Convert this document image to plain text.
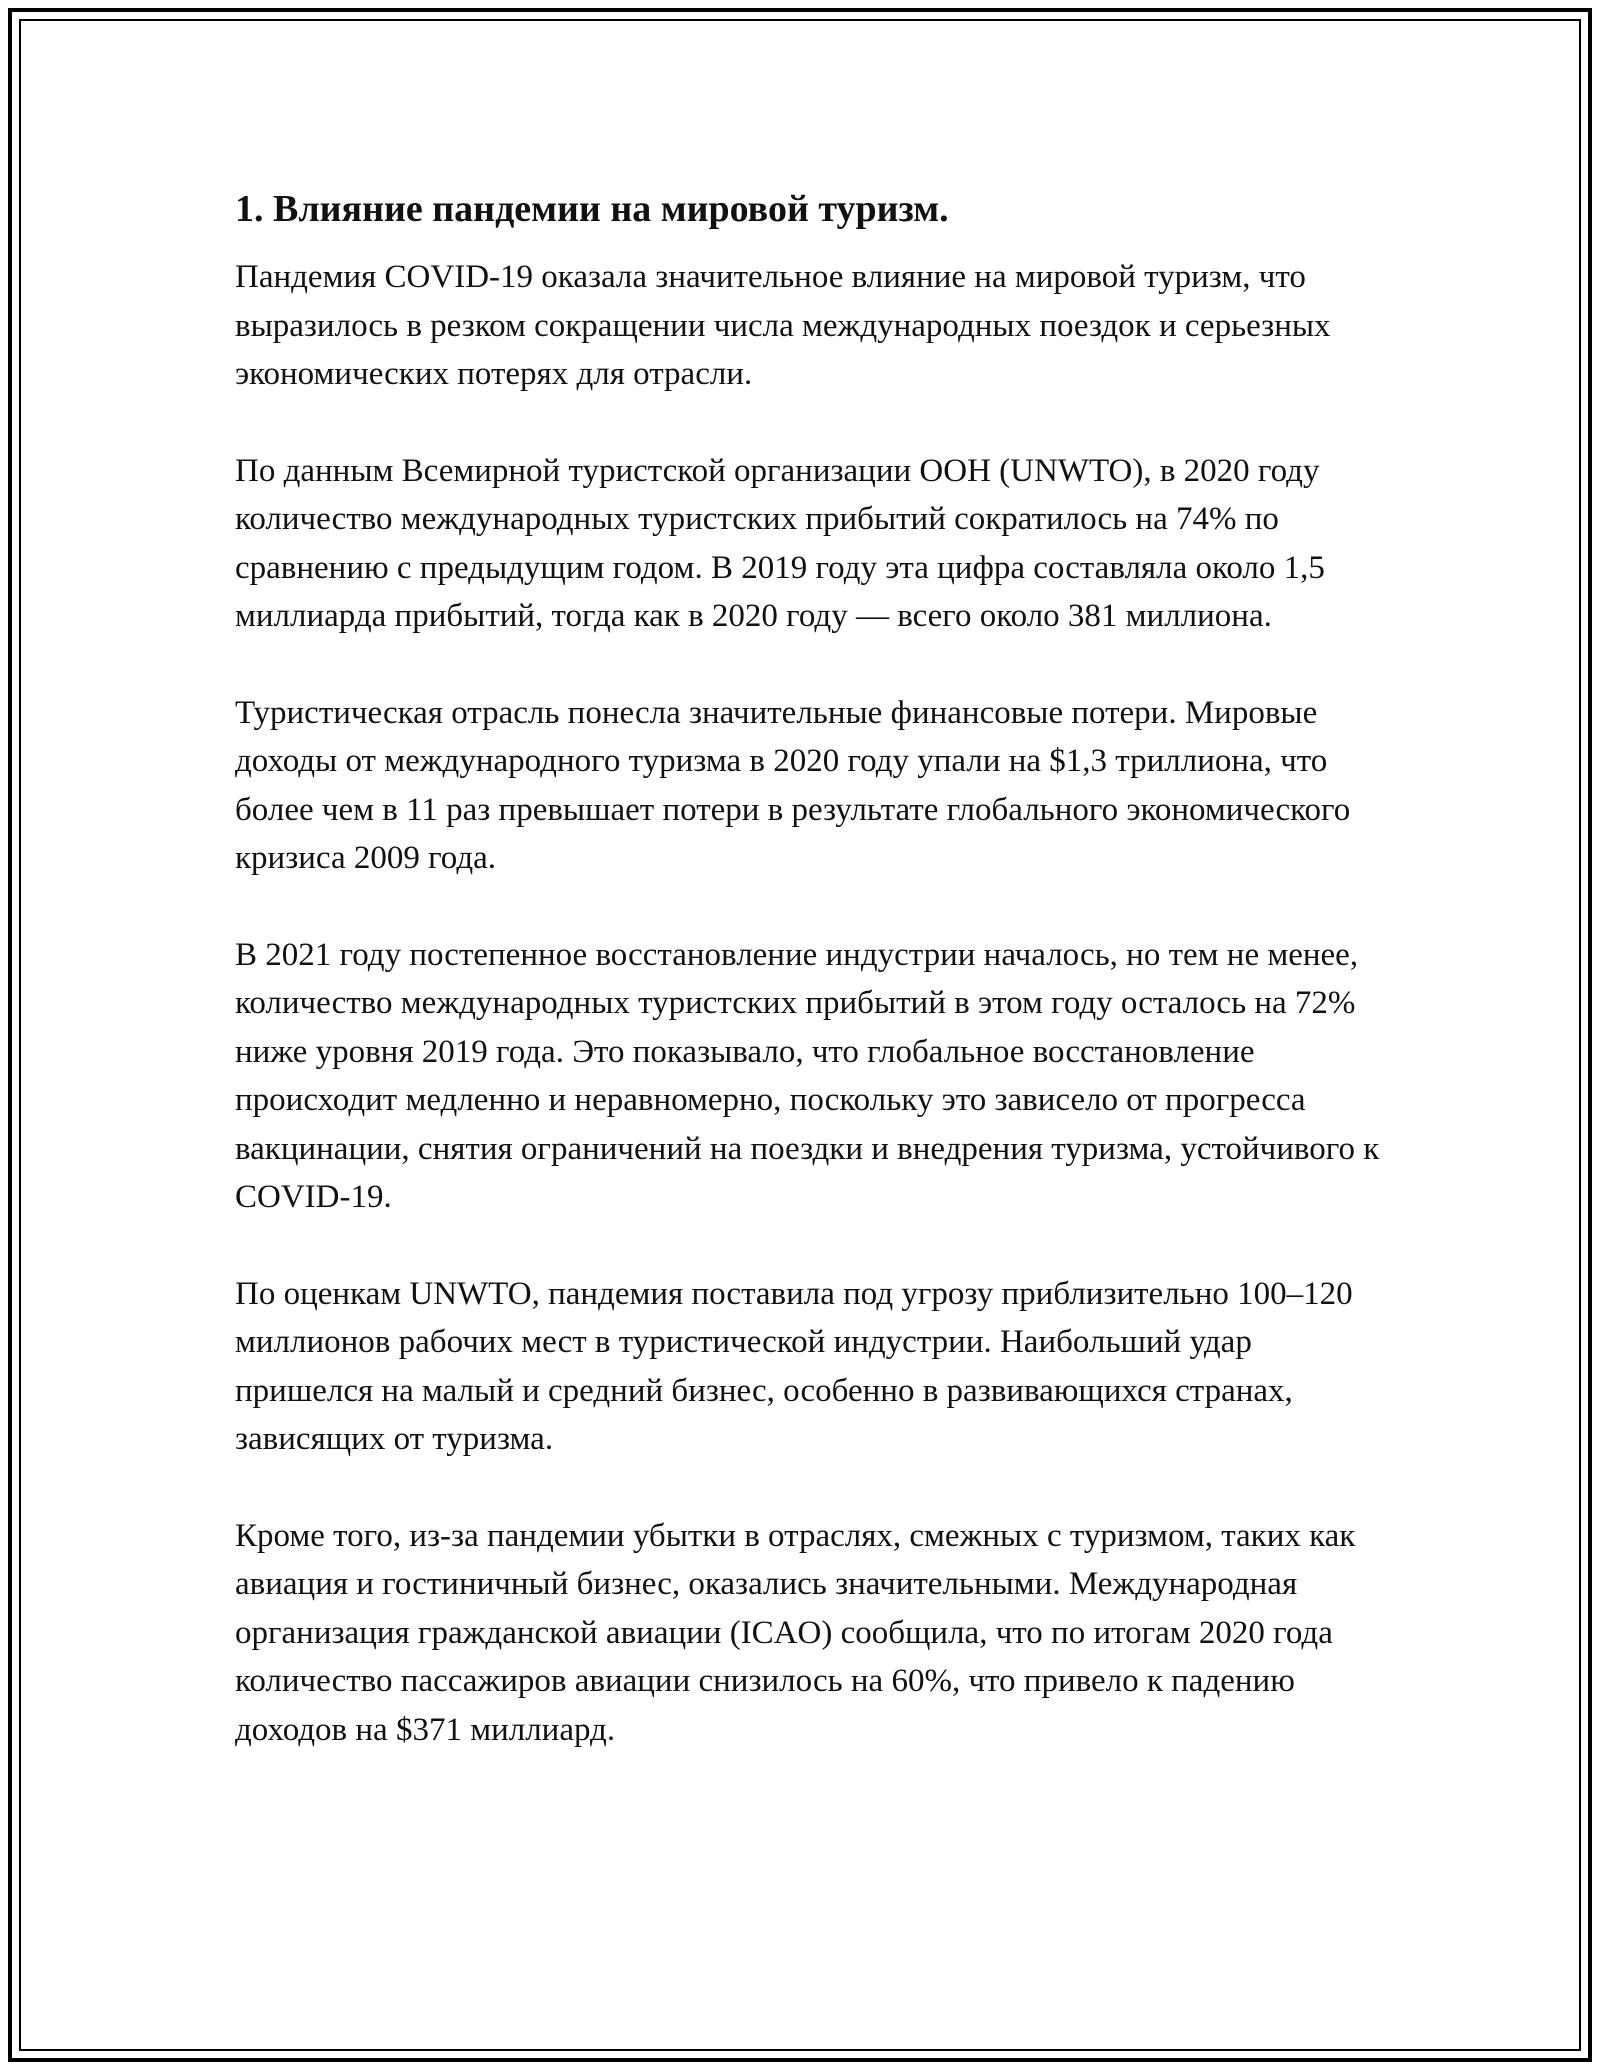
1. Влияние пандемии на мировой туризм.

Пандемия COVID-19 оказала значительное влияние на мировой туризм, что выразилось в резком сокращении числа международных поездок и серьезных экономических потерях для отрасли.

По данным Всемирной туристской организации ООН (UNWTO), в 2020 году количество международных туристских прибытий сократилось на 74% по сравнению с предыдущим годом. В 2019 году эта цифра составляла около 1,5 миллиарда прибытий, тогда как в 2020 году — всего около 381 миллиона.

Туристическая отрасль понесла значительные финансовые потери. Мировые доходы от международного туризма в 2020 году упали на $1,3 триллиона, что более чем в 11 раз превышает потери в результате глобального экономического кризиса 2009 года.

В 2021 году постепенное восстановление индустрии началось, но тем не менее, количество международных туристских прибытий в этом году осталось на 72% ниже уровня 2019 года. Это показывало, что глобальное восстановление происходит медленно и неравномерно, поскольку это зависело от прогресса вакцинации, снятия ограничений на поездки и внедрения туризма, устойчивого к COVID-19.

По оценкам UNWTO, пандемия поставила под угрозу приблизительно 100–120 миллионов рабочих мест в туристической индустрии. Наибольший удар пришелся на малый и средний бизнес, особенно в развивающихся странах, зависящих от туризма.

Кроме того, из-за пандемии убытки в отраслях, смежных с туризмом, таких как авиация и гостиничный бизнес, оказались значительными. Международная организация гражданской авиации (ICAO) сообщила, что по итогам 2020 года количество пассажиров авиации снизилось на 60%, что привело к падению доходов на $371 миллиард.
